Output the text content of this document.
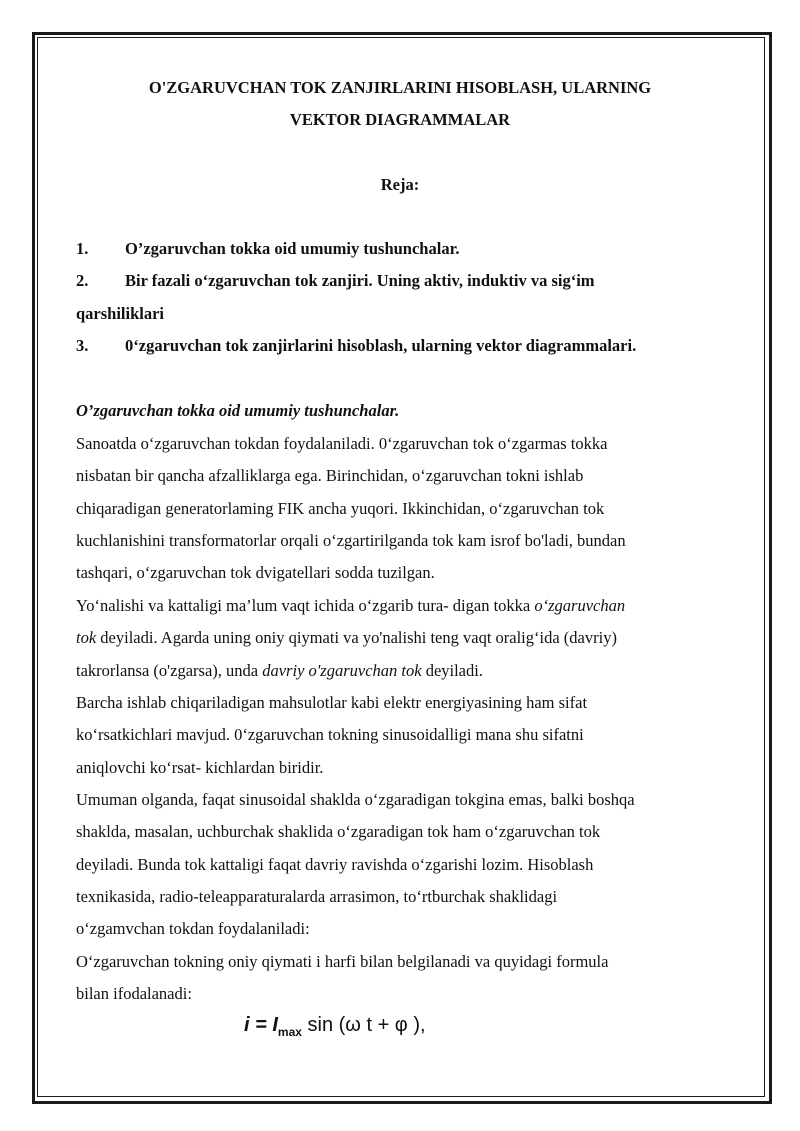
O'ZGARUVCHAN TOK ZANJIRLARINI HISOBLASH, ULARNING
VEKTOR DIAGRAMMALAR
Reja:
1. O’zgaruvchan tokka oid umumiy tushunchalar.
2. Bir fazali o‘zgaruvchan tok zanjiri. Uning aktiv, induktiv va sig‘im
qarshiliklari
3. 0‘zgaruvchan tok zanjirlarini hisoblash, ularning vektor diagrammalari.
O’zgaruvchan tokka oid umumiy tushunchalar.
Sanoatda o‘zgaruvchan tokdan foydalaniladi. 0‘zgaruvchan tok o‘zgarmas tokka
nisbatan bir qancha afzalliklarga ega. Birinchidan, o‘zgaruvchan tokni ishlab
chiqaradigan generatorlaming FIK ancha yuqori. Ikkinchidan, o‘zgaruvchan tok
kuchlanishini transformatorlar orqali o‘zgartirilganda tok kam isrof bo'ladi, bundan
tashqari, o‘zgaruvchan tok dvigatellari sodda tuzilgan.
Yo‘nalishi va kattaligi ma’lum vaqt ichida o‘zgarib tura- digan tokka o‘zgaruvchan
tok deyiladi. Agarda uning oniy qiymati va yo'nalishi teng vaqt oralig‘ida (davriy)
takrorlansa (o'zgarsa), unda davriy o'zgaruvchan tok deyiladi.
Barcha ishlab chiqariladigan mahsulotlar kabi elektr energiyasining ham sifat
ko‘rsatkichlari mavjud. 0‘zgaruvchan tokning sinusoidalligi mana shu sifatni
aniqlovchi ko‘rsat- kichlardan biridir.
Umuman olganda, faqat sinusoidal shaklda o‘zgaradigan tokgina emas, balki boshqa
shaklda, masalan, uchburchak shaklida o‘zgaradigan tok ham o‘zgaruvchan tok
deyiladi. Bunda tok kattaligi faqat davriy ravishda o‘zgarishi lozim. Hisoblash
texnikasida, radio-teleapparaturalarda arrasimon, to‘rtburchak shaklidagi
o‘zgamvchan tokdan foydalaniladi:
O‘zgaruvchan tokning oniy qiymati i harfi bilan belgilanadi va quyidagi formula
bilan ifodalanadi:
$i = I_{max}$ sin (ω t + φ ),
